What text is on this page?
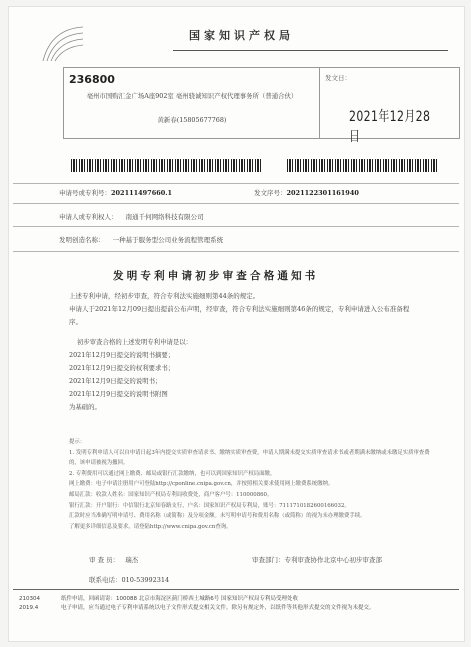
国家知识产权局
236800
亳州市国购汇金广场A座902室 亳州骁诚知识产权代理事务所（普通合伙）
黄新春(15805677768)
发文日：
2021年12月28日
申请号或专利号：202111497660.1	发文序号：2021122301161940
申请人或专利权人： 南通千何网络科技有限公司
发明创造名称： 一种基于服务型公司业务流程管理系统
发明专利申请初步审查合格通知书
上述专利申请，经初步审查，符合专利法实施细则第44条的规定。
申请人于2021年12月09日提出提前公布声明，经审查，符合专利法实施细则第46条的规定，专利申请进入公布准备程序。
初步审查合格的上述发明专利申请是以：
2021年12月9日提交的说明书摘要；
2021年12月9日提交的权利要求书；
2021年12月9日提交的说明书；
2021年12月9日提交的说明书附图
为基础的。
提示：
1. 发明专利申请人可以自申请日起3年内提交实质审查请求书、缴纳实质审查费，申请人期满未提交实质审查请求书或者期满未缴纳或未缴足实质审查费的，该申请被视为撤回。
2. 专利费用可以通过网上缴费、邮局或银行汇款缴纳，也可以到国家知识产权局面缴。
网上缴费：电子申请注册用户可登陆http://cponline.cnipa.gov.cn，并按照相关要求使用网上缴费系统缴纳。
邮局汇款：收款人姓名：国家知识产权局专利局收费处，商户客户号：110000860。
银行汇款：开户银行：中信银行北京知春路支行，户名：国家知识产权局专利局，账号：7111710182600166032。
汇款时应当准确写明申请号、费用名称（或简称）及分项金额。未写明申请号和费用名称（或简称）的视为未办理缴费手续。
了解更多详细信息及要求，请登陆http://www.cnipa.gov.cn查询。
审 查 员： 瑞杰	审查部门：专利审查协作北京中心初步审查部
联系电话：010-53992314
210304
2019.4
纸件申请，回函请寄：100088 北京市海淀区蓟门桥西土城路6号 国家知识产权局专利局受理处收
电子申请，应当通过电子专利申请系统以电子文件形式提交相关文件。除另有规定外，以纸件等其他形式提交的文件视为未提交。
